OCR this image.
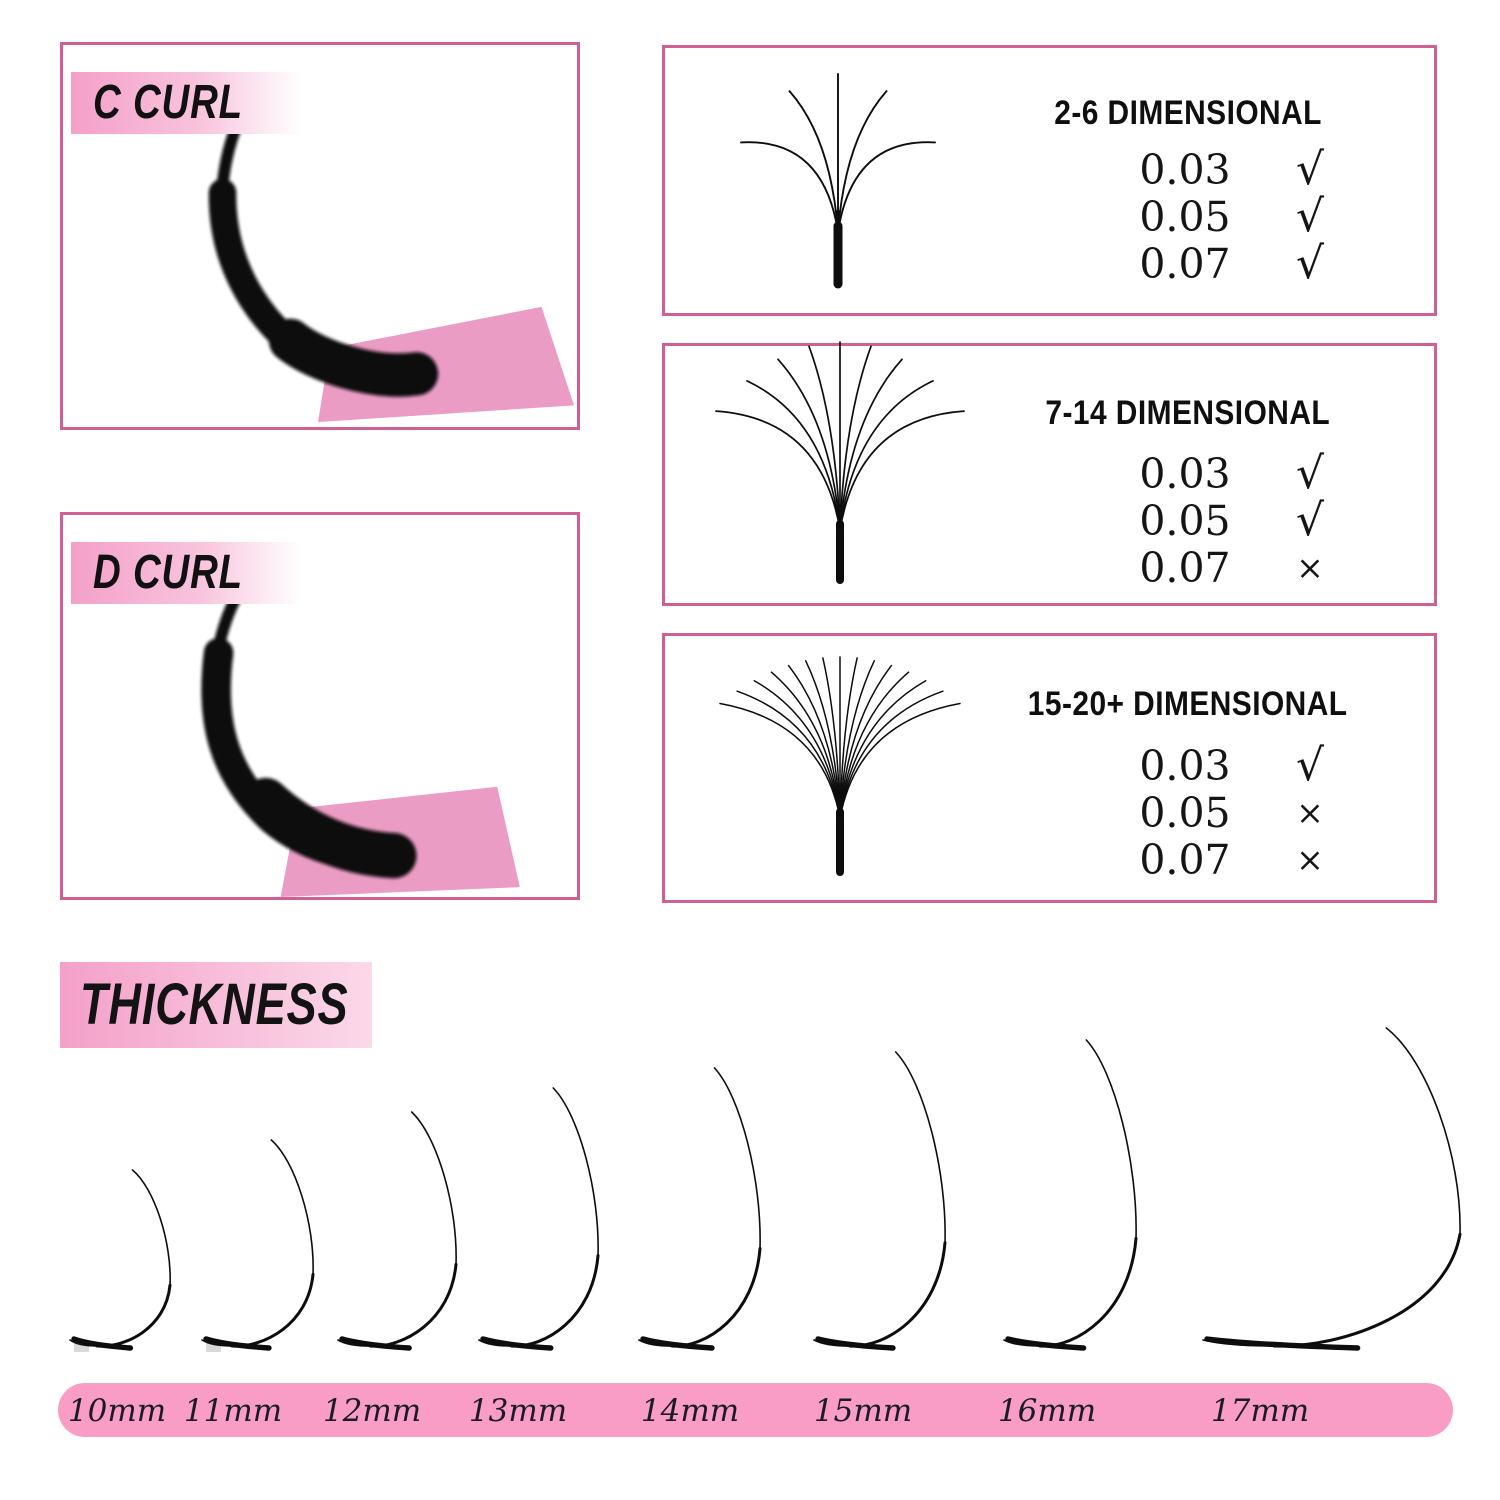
C CURL
D CURL
2-6 DIMENSIONAL
0.03	√
0.05	√
0.07	√
7-14 DIMENSIONAL
0.03	√
0.05	√
0.07	×
15-20+ DIMENSIONAL
0.03	√
0.05	×
0.07	×
THICKNESS
10mm 11mm 12mm 13mm 14mm 15mm	16mm	17mm
